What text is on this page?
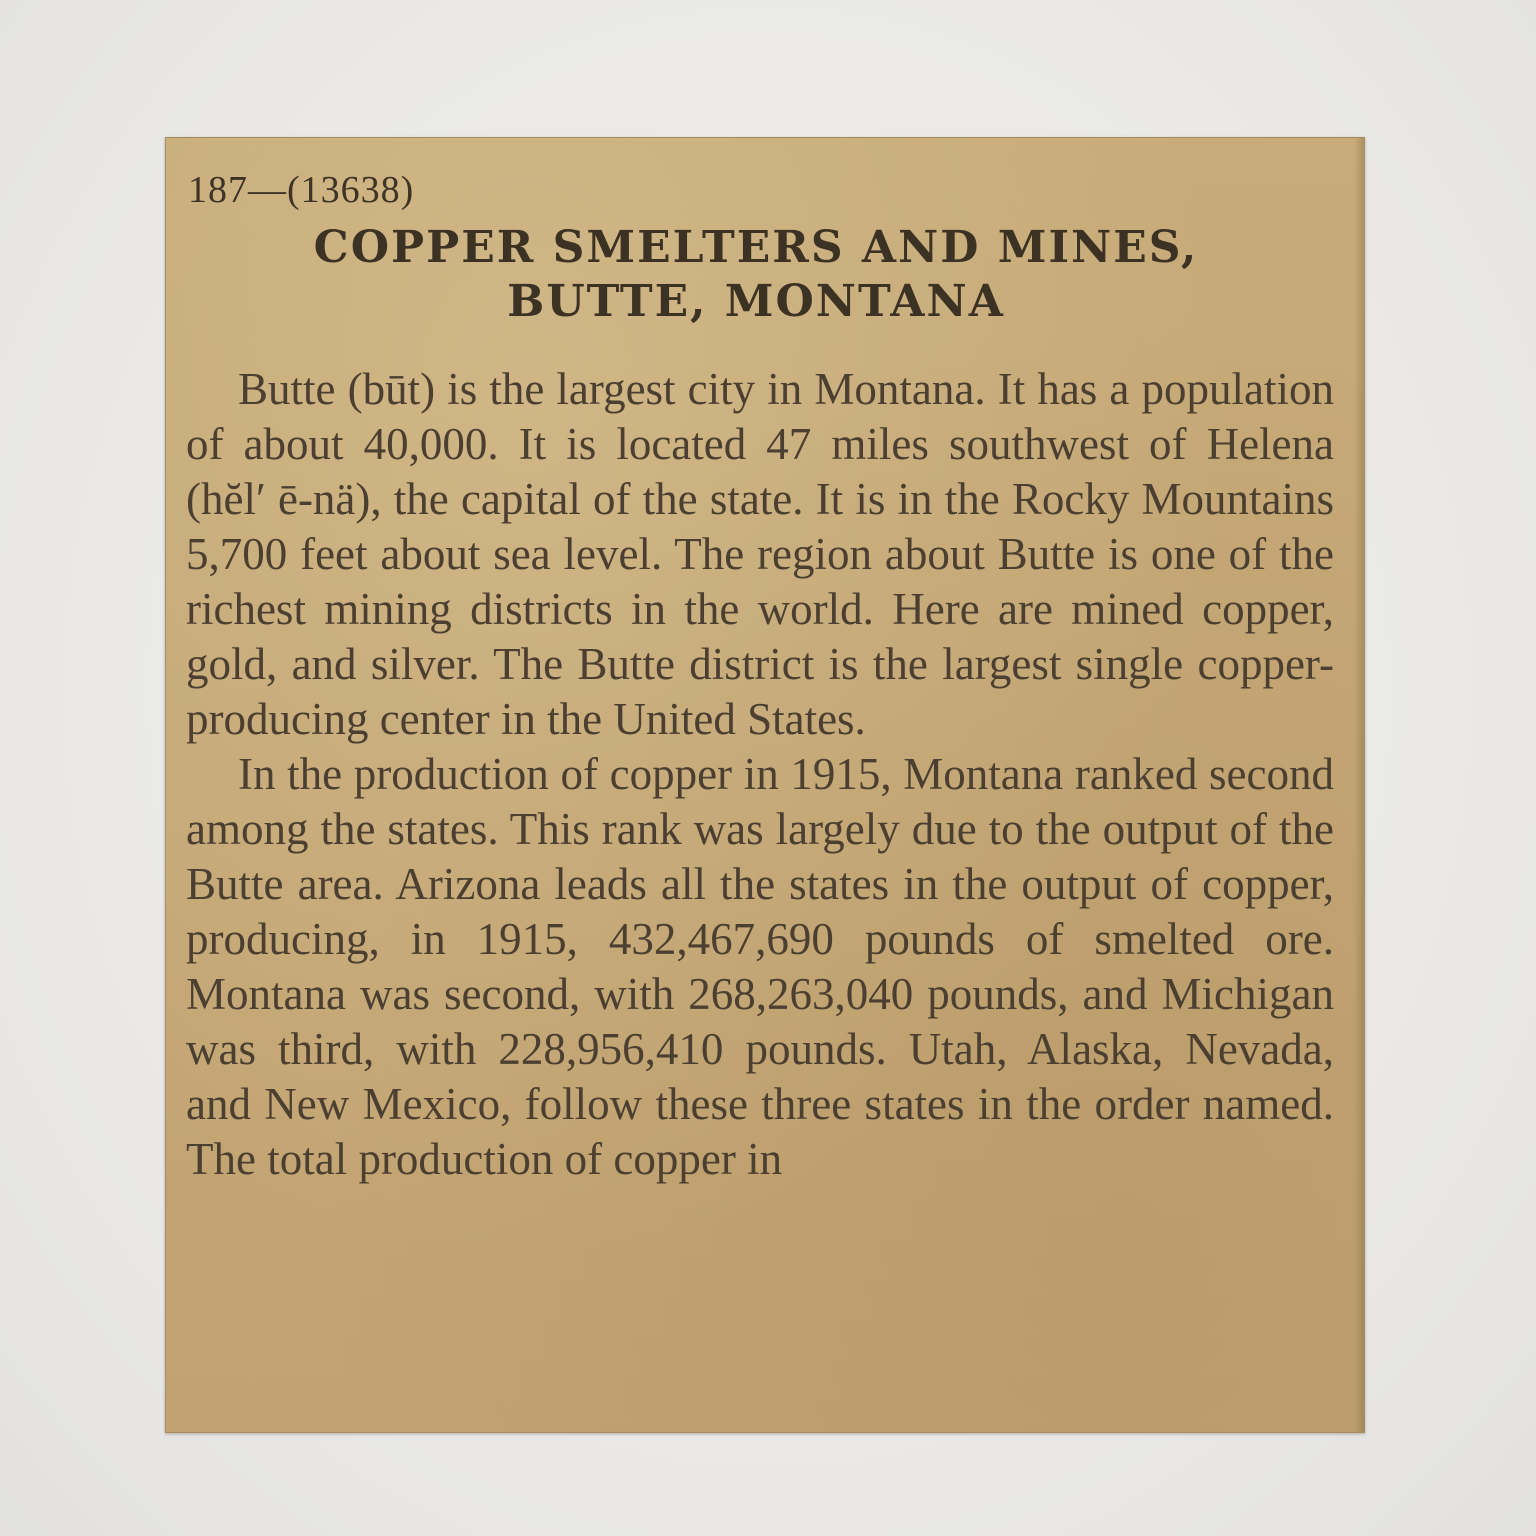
187—(13638)
COPPER SMELTERS AND MINES,
BUTTE, MONTANA

Butte (būt) is the largest city in Montana. It has a population of about 40,000. It is located 47 miles southwest of Helena (hĕl′ ē-nä), the capital of the state. It is in the Rocky Mountains 5,700 feet about sea level. The region about Butte is one of the richest mining districts in the world. Here are mined copper, gold, and silver. The Butte district is the largest single copper-producing center in the United States.

In the production of copper in 1915, Montana ranked second among the states. This rank was largely due to the output of the Butte area. Arizona leads all the states in the output of copper, producing, in 1915, 432,467,690 pounds of smelted ore. Montana was second, with 268,263,040 pounds, and Michigan was third, with 228,956,410 pounds. Utah, Alaska, Nevada, and New Mexico, follow these three states in the order named. The total production of copper in
